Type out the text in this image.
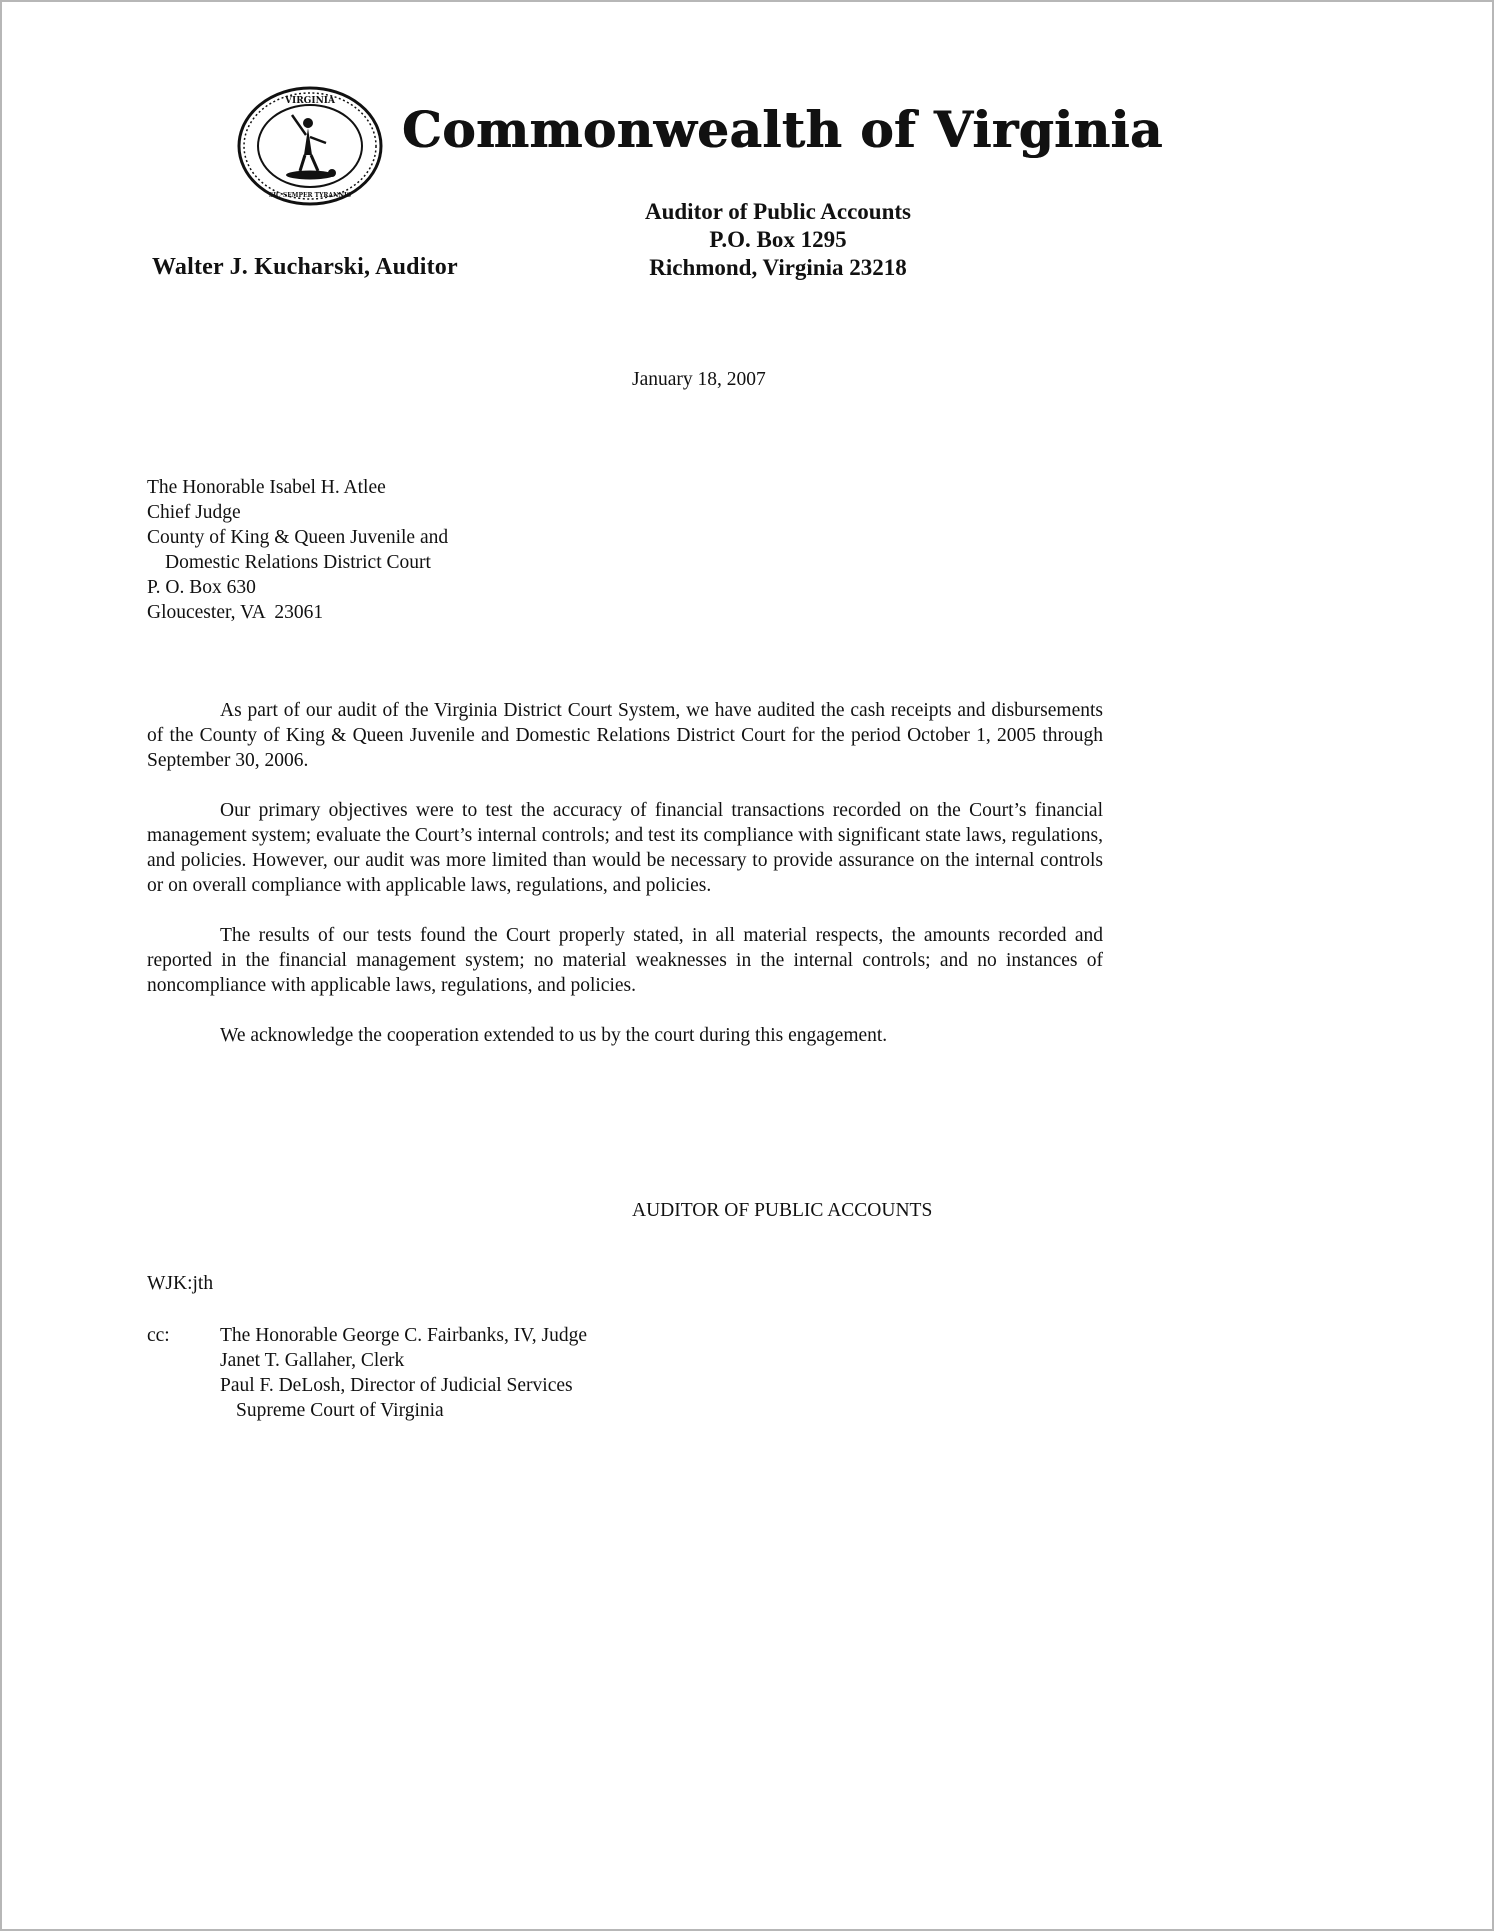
VIRGINIA
SIC SEMPER TYRANNIS
Commonwealth of Virginia
Auditor of Public Accounts
P.O. Box 1295
Richmond, Virginia 23218
Walter J. Kucharski, Auditor
January 18, 2007
The Honorable Isabel H. Atlee
Chief Judge
County of King & Queen Juvenile and
Domestic Relations District Court
P. O. Box 630
Gloucester, VA  23061

As part of our audit of the Virginia District Court System, we have audited the cash receipts and disbursements of the County of King & Queen Juvenile and Domestic Relations District Court for the period October 1, 2005 through September 30, 2006.

Our primary objectives were to test the accuracy of financial transactions recorded on the Court’s financial management system; evaluate the Court’s internal controls; and test its compliance with significant state laws, regulations, and policies. However, our audit was more limited than would be necessary to provide assurance on the internal controls or on overall compliance with applicable laws, regulations, and policies.

The results of our tests found the Court properly stated, in all material respects, the amounts recorded and reported in the financial management system; no material weaknesses in the internal controls; and no instances of noncompliance with applicable laws, regulations, and policies.

We acknowledge the cooperation extended to us by the court during this engagement.

AUDITOR OF PUBLIC ACCOUNTS
WJK:jth
cc:	The Honorable George C. Fairbanks, IV, Judge
Janet T. Gallaher, Clerk
Paul F. DeLosh, Director of Judicial Services
Supreme Court of Virginia
